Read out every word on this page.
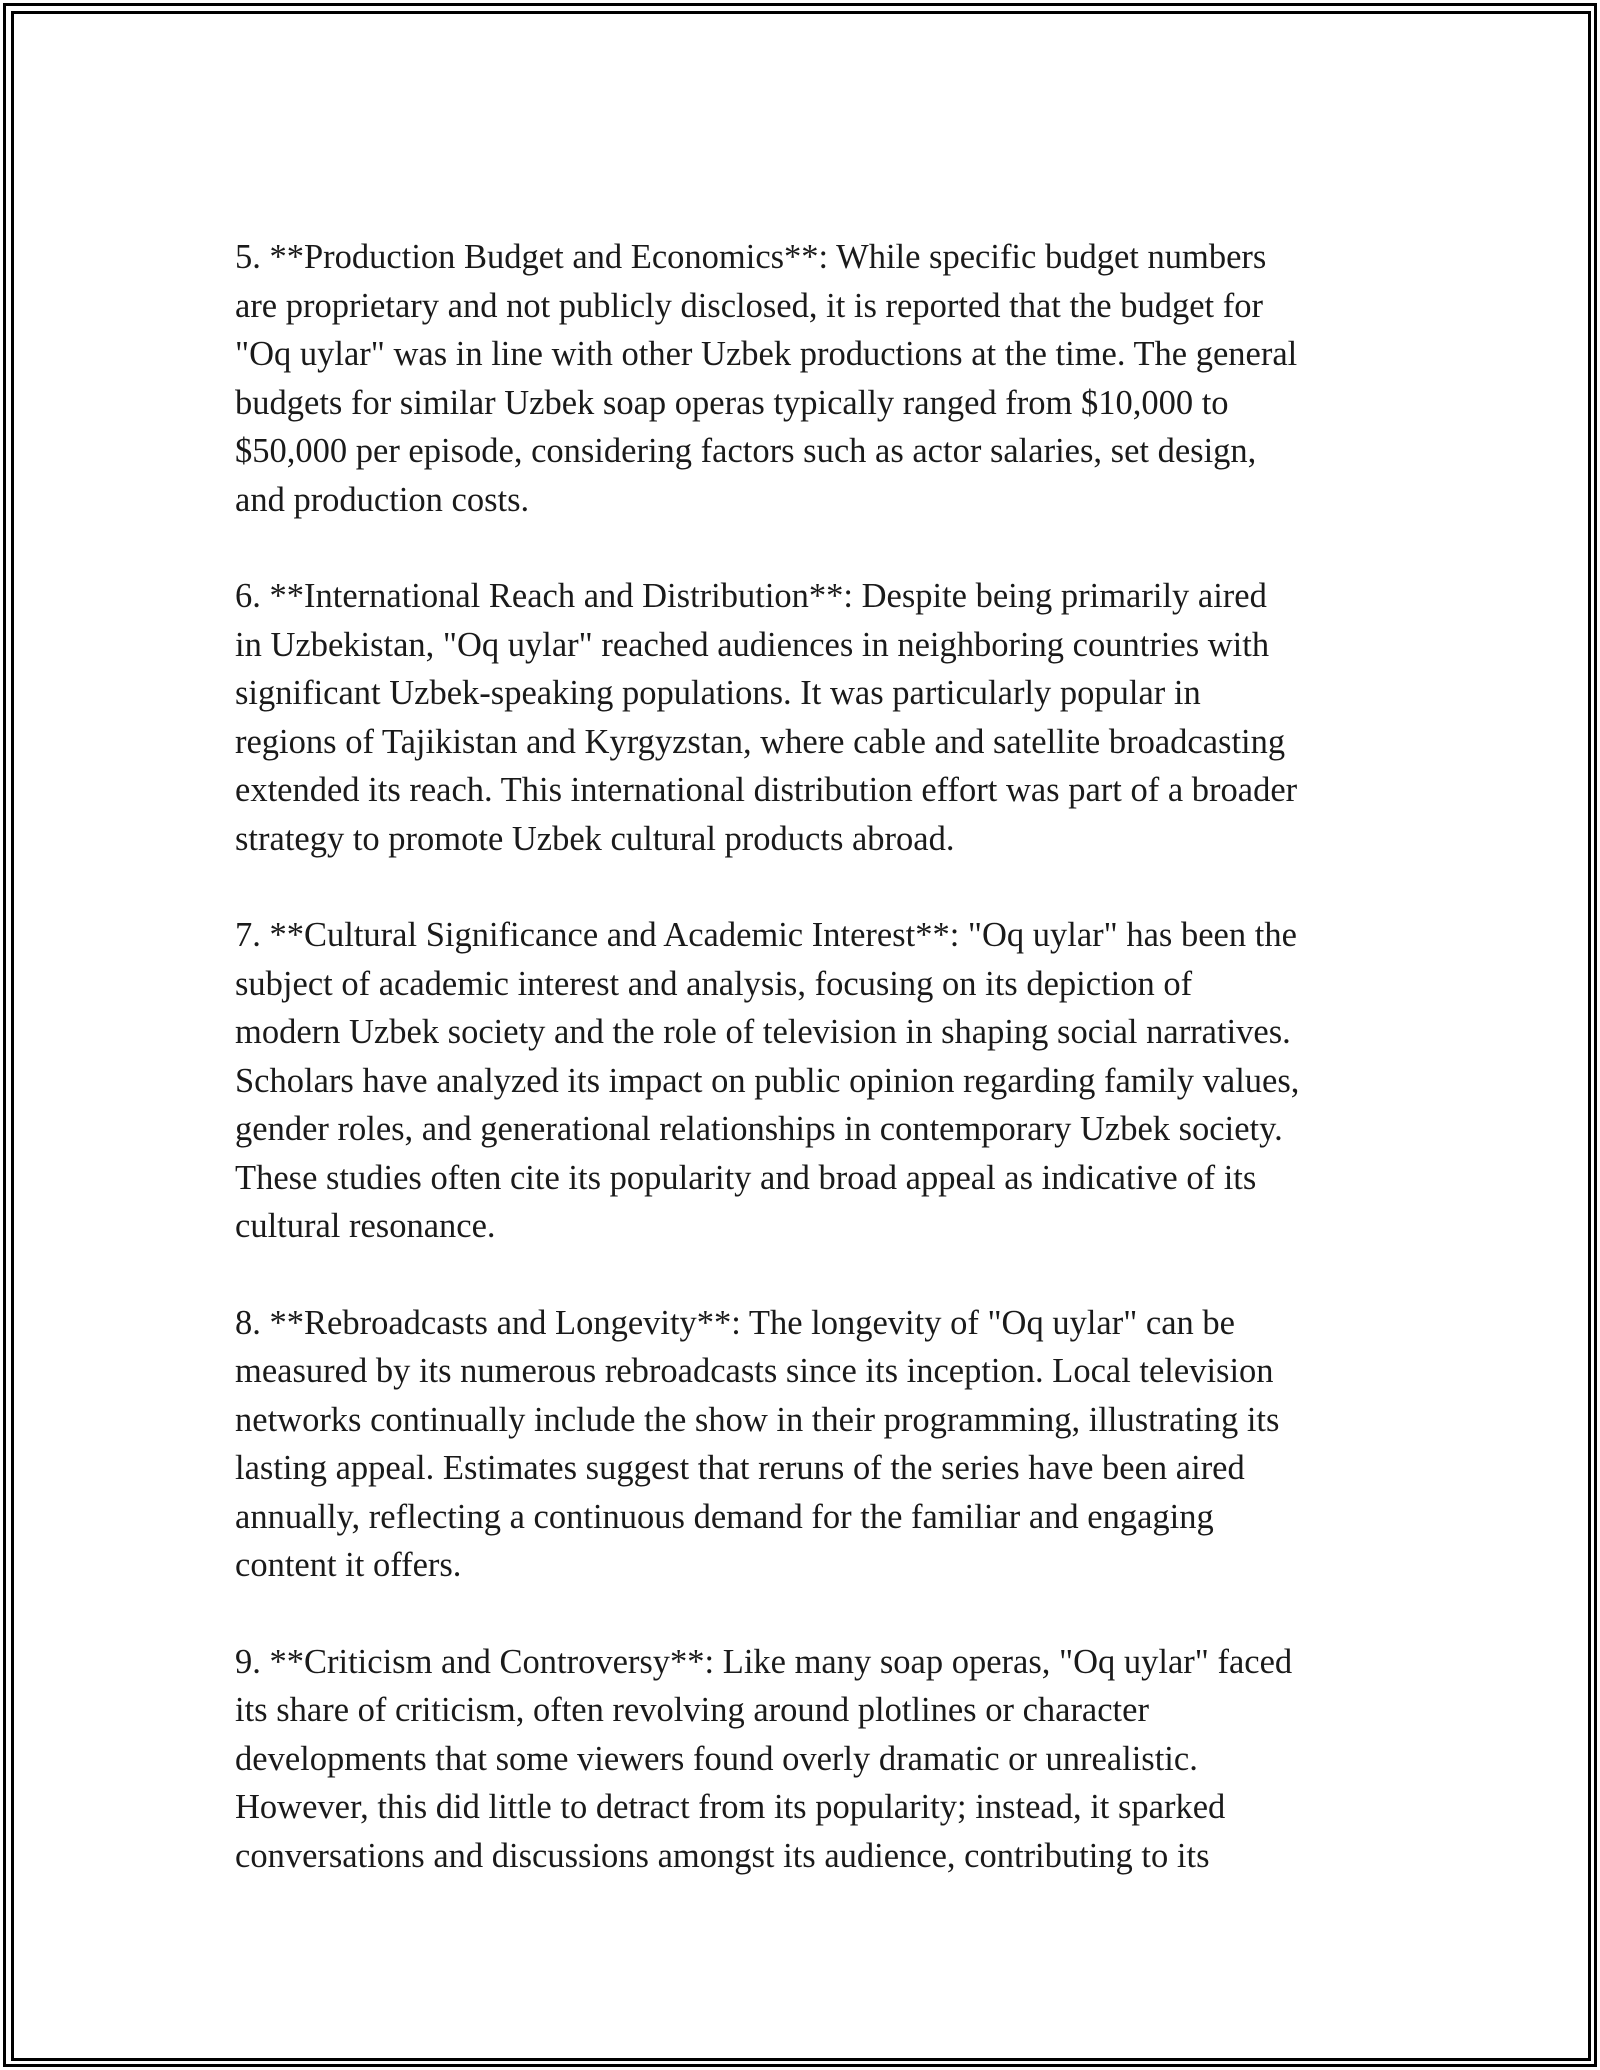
5. **Production Budget and Economics**: While specific budget numbers
are proprietary and not publicly disclosed, it is reported that the budget for
"Oq uylar" was in line with other Uzbek productions at the time. The general
budgets for similar Uzbek soap operas typically ranged from $10,000 to
$50,000 per episode, considering factors such as actor salaries, set design,
and production costs.

6. **International Reach and Distribution**: Despite being primarily aired
in Uzbekistan, "Oq uylar" reached audiences in neighboring countries with
significant Uzbek-speaking populations. It was particularly popular in
regions of Tajikistan and Kyrgyzstan, where cable and satellite broadcasting
extended its reach. This international distribution effort was part of a broader
strategy to promote Uzbek cultural products abroad.

7. **Cultural Significance and Academic Interest**: "Oq uylar" has been the
subject of academic interest and analysis, focusing on its depiction of
modern Uzbek society and the role of television in shaping social narratives.
Scholars have analyzed its impact on public opinion regarding family values,
gender roles, and generational relationships in contemporary Uzbek society.
These studies often cite its popularity and broad appeal as indicative of its
cultural resonance.

8. **Rebroadcasts and Longevity**: The longevity of "Oq uylar" can be
measured by its numerous rebroadcasts since its inception. Local television
networks continually include the show in their programming, illustrating its
lasting appeal. Estimates suggest that reruns of the series have been aired
annually, reflecting a continuous demand for the familiar and engaging
content it offers.

9. **Criticism and Controversy**: Like many soap operas, "Oq uylar" faced
its share of criticism, often revolving around plotlines or character
developments that some viewers found overly dramatic or unrealistic.
However, this did little to detract from its popularity; instead, it sparked
conversations and discussions amongst its audience, contributing to its
